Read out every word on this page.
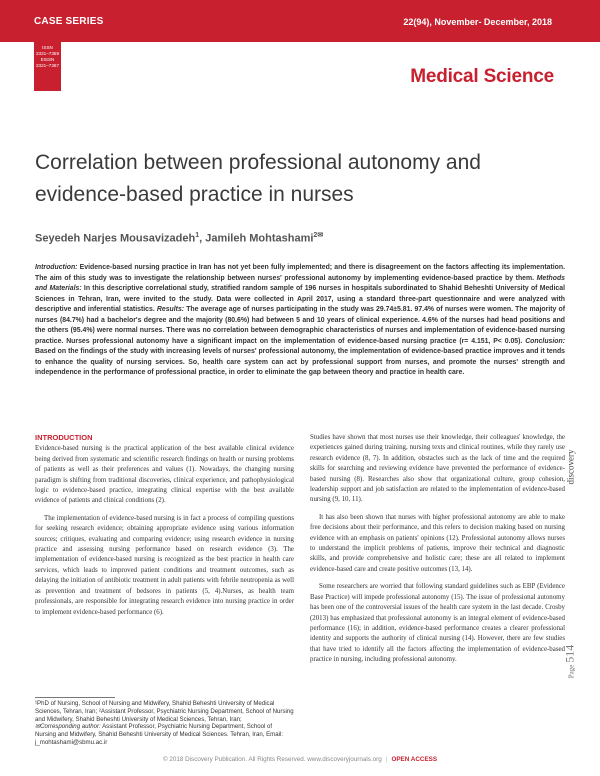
CASE SERIES	22(94), November- December, 2018
ISSN
2321–7359
EISSN
2321–7367
Medical Science
Correlation between professional autonomy and evidence-based practice in nurses
Seyedeh Narjes Mousavizadeh$^1$, Jamileh Mohtashami$^{2✉}$

Introduction: Evidence-based nursing practice in Iran has not yet been fully implemented; and there is disagreement on the factors affecting its implementation. The aim of this study was to investigate the relationship between nurses' professional autonomy by implementing evidence-based practice by them. Methods and Materials: In this descriptive correlational study, stratified random sample of 196 nurses in hospitals subordinated to Shahid Beheshti University of Medical Sciences in Tehran, Iran, were invited to the study. Data were collected in April 2017, using a standard three-part questionnaire and were analyzed with descriptive and inferential statistics. Results: The average age of nurses participating in the study was 29.74±5.81. 97.4% of nurses were women. The majority of nurses (84.7%) had a bachelor's degree and the majority (80.6%) had between 5 and 10 years of clinical experience. 4.6% of the nurses had head positions and the others (95.4%) were normal nurses. There was no correlation between demographic characteristics of nurses and implementation of evidence-based nursing practice. Nurses professional autonomy have a significant impact on the implementation of evidence-based nursing practice (r= 4.151, P< 0.05). Conclusion: Based on the findings of the study with increasing levels of nurses' professional autonomy, the implementation of evidence-based practice improves and it tends to enhance the quality of nursing services. So, health care system can act by professional support from nurses, and promote the nurses' strength and independence in the performance of professional practice, in order to eliminate the gap between theory and practice in health care.

INTRODUCTION

Evidence-based nursing is the practical application of the best available clinical evidence being derived from systematic and scientific research findings on health or nursing problems of patients as well as their preferences and values (1). Nowadays, the changing nursing paradigm is shifting from traditional discoveries, clinical experience, and pathophysiological logic to evidence-based practice, integrating clinical expertise with the best available evidence of patients and clinical conditions (2).

The implementation of evidence-based nursing is in fact a process of compiling questions for seeking research evidence; obtaining appropriate evidence using various information sources; critiques, evaluating and comparing evidence; using research evidence in nursing practice and assessing nursing performance based on research evidence (3). The implementation of evidence-based nursing is recognized as the best practice in health care services, which leads to improved patient conditions and treatment outcomes, such as delaying the initiation of antibiotic treatment in adult patients with febrile neutropenia as well as prevention and treatment of bedsores in patients (5, 4).Nurses, as health team professionals, are responsible for integrating research evidence into nursing practice in order to implement evidence-based performance (6).

Studies have shown that most nurses use their knowledge, their colleagues' knowledge, the experiences gained during training, nursing texts and clinical routines, while they rarely use research evidence (8, 7). In addition, obstacles such as the lack of time and the required skills for searching and reviewing evidence have prevented the performance of evidence-based nursing (8). Researches also show that organizational culture, group cohesion, leadership support and job satisfaction are related to the implementation of evidence-based nursing (9, 10, 11).

It has also been shown that nurses with higher professional autonomy are able to make free decisions about their performance, and this refers to decision making based on nursing evidence with an emphasis on patients' opinions (12). Professional autonomy allows nurses to understand the implicit problems of patients, improve their technical and diagnostic skills, and provide comprehensive and holistic care; these are all related to implement evidence-based care and create positive outcomes (13, 14).

Some researchers are worried that following standard guidelines such as EBP (Evidence Base Practice) will impede professional autonomy (15). The issue of professional autonomy has been one of the controversial issues of the health care system in the last decade. Crosby (2013) has emphasized that professional autonomy is an integral element of evidence-based performance (16); in addition, evidence-based performance creates a clearer professional identity and supports the authority of clinical nursing (14). However, there are few studies that have tried to identify all the factors affecting the implementation of evidence-based practice in nursing, including professional autonomy.

¹PhD of Nursing, School of Nursing and Midwifery, Shahid Beheshti University of Medical Sciences, Tehran, Iran; ²Assistant Professor, Psychiatric Nursing Department, School of Nursing and Midwifery, Shahid Beheshti University of Medical Sciences, Tehran, Iran;

✉Corresponding author: Assistant Professor, Psychiatric Nursing Department, School of Nursing and Midwifery, Shahid Beheshti University of Medical Sciences. Tehran, Iran, Email: j_mohtashami@sbmu.ac.ir

discovery
Page514
© 2018 Discovery Publication. All Rights Reserved. www.discoveryjournals.org | OPEN ACCESS
